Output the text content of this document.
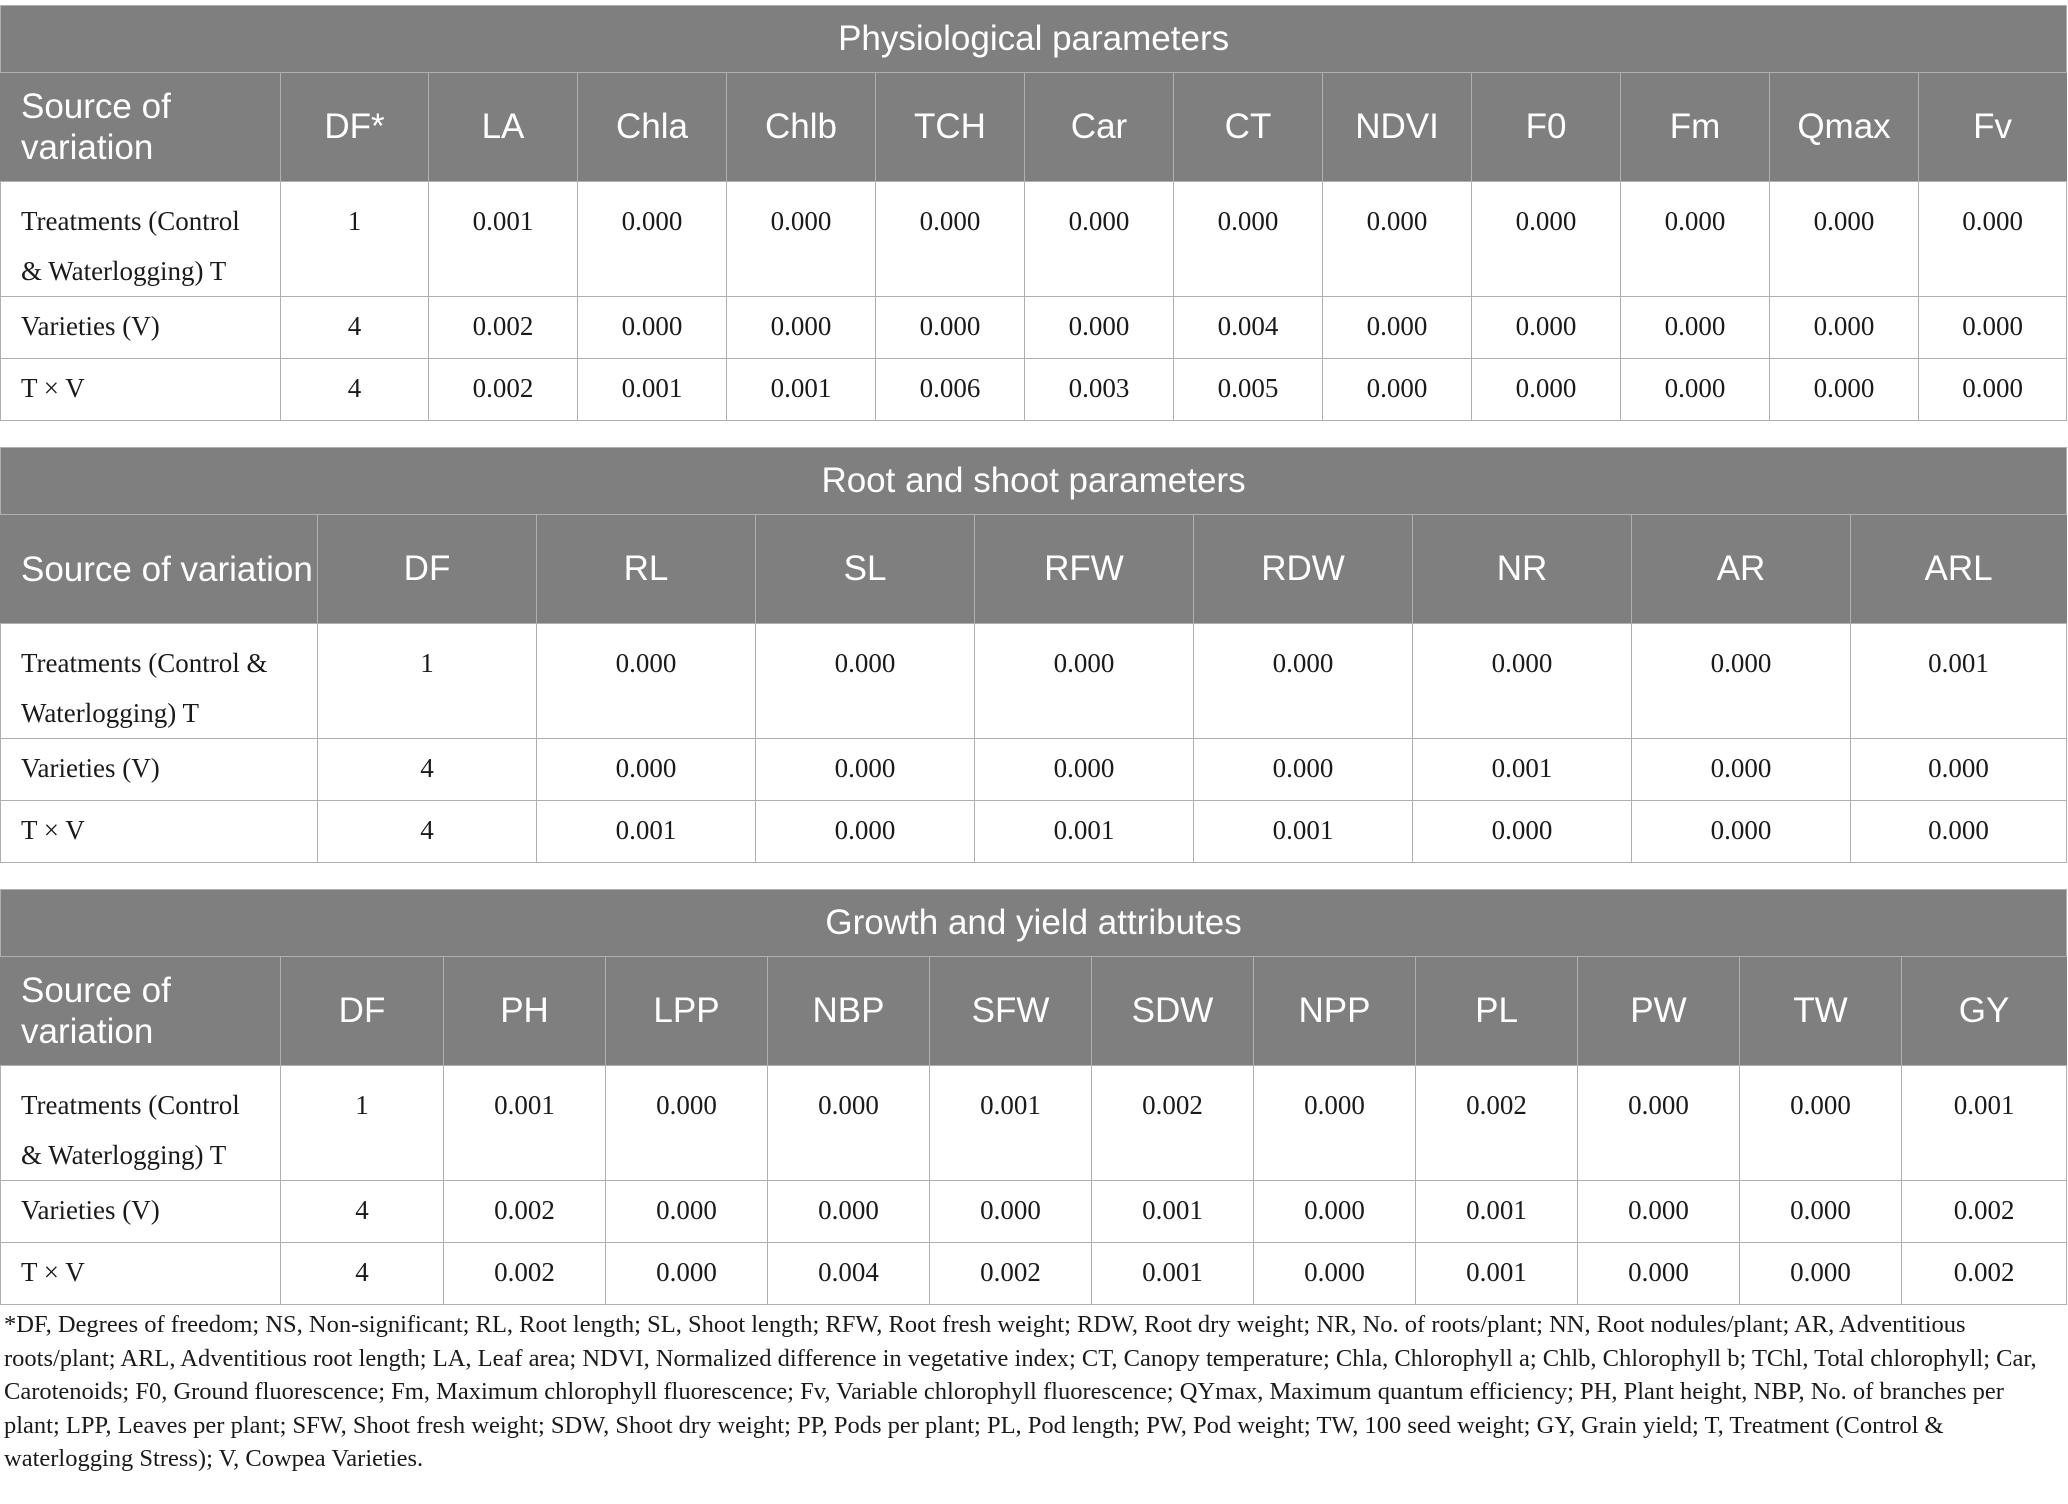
Physiological parameters												
Source of variation	DF*	LA	Chla	Chlb	TCH	Car	CT	NDVI	F0	Fm	Qmax	Fv

Treatments (Control
& Waterlogging) T	1	0.001	0.000	0.000	0.000	0.000	0.000	0.000	0.000	0.000	0.000	0.000
Varieties (V)	4	0.002	0.000	0.000	0.000	0.000	0.004	0.000	0.000	0.000	0.000	0.000
T × V	4	0.002	0.001	0.001	0.006	0.003	0.005	0.000	0.000	0.000	0.000	0.000
Root and shoot parameters								
Source of variation	DF	RL	SL	RFW	RDW	NR	AR	ARL

Treatments (Control &
Waterlogging) T	1	0.000	0.000	0.000	0.000	0.000	0.000	0.001
Varieties (V)	4	0.000	0.000	0.000	0.000	0.001	0.000	0.000
T × V	4	0.001	0.000	0.001	0.001	0.000	0.000	0.000
Growth and yield attributes											
Source of variation	DF	PH	LPP	NBP	SFW	SDW	NPP	PL	PW	TW	GY

Treatments (Control
& Waterlogging) T	1	0.001	0.000	0.000	0.001	0.002	0.000	0.002	0.000	0.000	0.001
Varieties (V)	4	0.002	0.000	0.000	0.000	0.001	0.000	0.001	0.000	0.000	0.002
T × V	4	0.002	0.000	0.004	0.002	0.001	0.000	0.001	0.000	0.000	0.002
*DF, Degrees of freedom; NS, Non-significant; RL, Root length; SL, Shoot length; RFW, Root fresh weight; RDW, Root dry weight; NR, No. of roots/plant; NN, Root nodules/plant; AR, Adventitious roots/plant; ARL, Adventitious root length; LA, Leaf area; NDVI, Normalized difference in vegetative index; CT, Canopy temperature; Chla, Chlorophyll a; Chlb, Chlorophyll b; TChl, Total chlorophyll; Car, Carotenoids; F0, Ground fluorescence; Fm, Maximum chlorophyll fluorescence; Fv, Variable chlorophyll fluorescence; QYmax, Maximum quantum efficiency; PH, Plant height, NBP, No. of branches per plant; LPP, Leaves per plant; SFW, Shoot fresh weight; SDW, Shoot dry weight; PP, Pods per plant; PL, Pod length; PW, Pod weight; TW, 100 seed weight; GY, Grain yield; T, Treatment (Control & waterlogging Stress); V, Cowpea Varieties.
